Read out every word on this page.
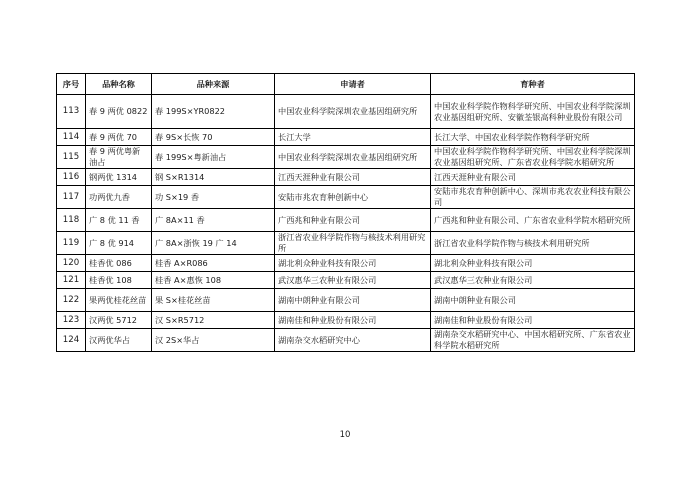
序号	品种名称	品种来源	申请者	育种者
113	春 9 两优 0822	春 199S×YR0822	中国农业科学院深圳农业基因组研究所	中国农业科学院作物科学研究所、中国农业科学院深圳农业基因组研究所、安徽荃银高科种业股份有限公司
114	春 9 两优 70	春 9S×长恢 70	长江大学	长江大学、中国农业科学院作物科学研究所
115	春 9 两优粤新油占	春 199S×粤新油占	中国农业科学院深圳农业基因组研究所	中国农业科学院作物科学研究所、中国农业科学院深圳农业基因组研究所、广东省农业科学院水稻研究所
116	钢两优 1314	钢 S×R1314	江西天涯种业有限公司	江西天涯种业有限公司
117	功两优九香	功 S×19 香	安陆市兆农育种创新中心	安陆市兆农育种创新中心、深圳市兆农农业科技有限公司
118	广 8 优 11 香	广 8A×11 香	广西兆和种业有限公司	广西兆和种业有限公司、广东省农业科学院水稻研究所
119	广 8 优 914	广 8A×浙恢 19 广 14	浙江省农业科学院作物与核技术利用研究所	浙江省农业科学院作物与核技术利用研究所
120	桂香优 086	桂香 A×R086	湖北利众种业科技有限公司	湖北利众种业科技有限公司
121	桂香优 108	桂香 A×惠恢 108	武汉惠华三农种业有限公司	武汉惠华三农种业有限公司
122	果两优桂花丝苗	果 S×桂花丝苗	湖南中朗种业有限公司	湖南中朗种业有限公司
123	汉两优 5712	汉 S×R5712	湖南佳和种业股份有限公司	湖南佳和种业股份有限公司
124	汉两优华占	汉 2S×华占	湖南杂交水稻研究中心	湖南杂交水稻研究中心、中国水稻研究所、广东省农业科学院水稻研究所
10
